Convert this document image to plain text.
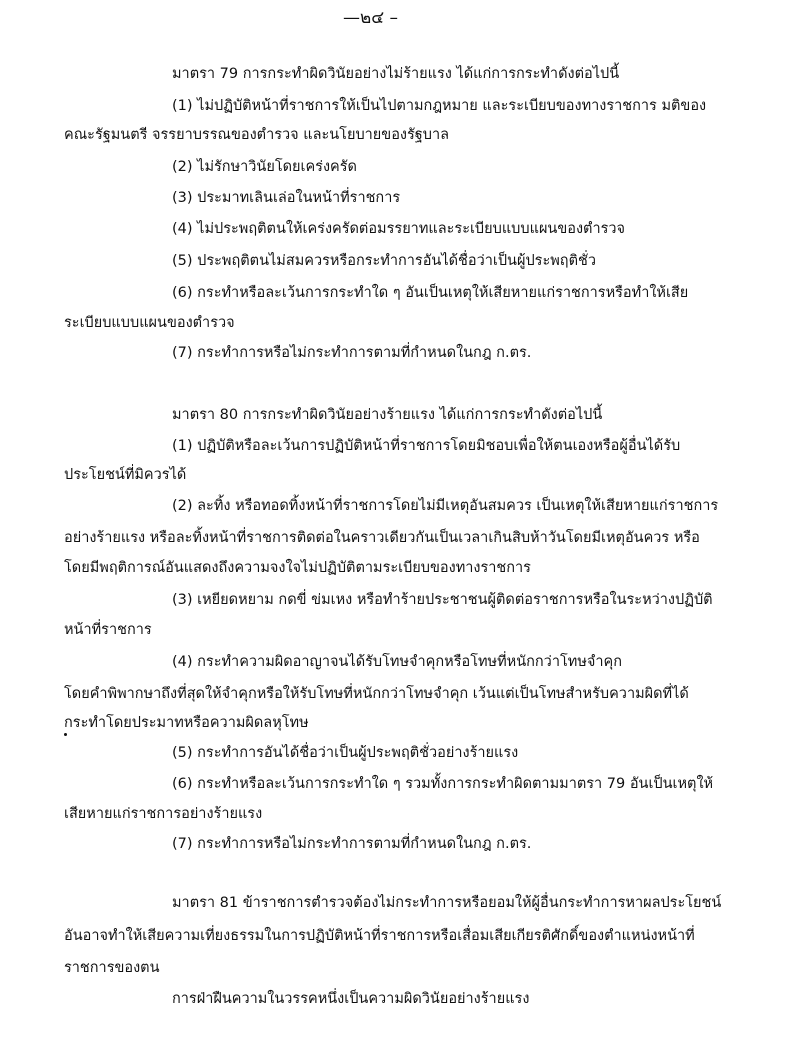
—๒๔ –
มาตรา 79 การกระทำผิดวินัยอย่างไม่ร้ายแรง ได้แก่การกระทำดังต่อไปนี้
(1) ไม่ปฏิบัติหน้าที่ราชการให้เป็นไปตามกฎหมาย และระเบียบของทางราชการ มติของ
คณะรัฐมนตรี จรรยาบรรณของตำรวจ และนโยบายของรัฐบาล
(2) ไม่รักษาวินัยโดยเคร่งครัด
(3) ประมาทเลินเล่อในหน้าที่ราชการ
(4) ไม่ประพฤติตนให้เคร่งครัดต่อมรรยาทและระเบียบแบบแผนของตำรวจ
(5) ประพฤติตนไม่สมควรหรือกระทำการอันได้ชื่อว่าเป็นผู้ประพฤติชั่ว
(6) กระทำหรือละเว้นการกระทำใด ๆ อันเป็นเหตุให้เสียหายแก่ราชการหรือทำให้เสีย
ระเบียบแบบแผนของตำรวจ
(7) กระทำการหรือไม่กระทำการตามที่กำหนดในกฎ ก.ตร.
มาตรา 80 การกระทำผิดวินัยอย่างร้ายแรง ได้แก่การกระทำดังต่อไปนี้
(1) ปฏิบัติหรือละเว้นการปฏิบัติหน้าที่ราชการโดยมิชอบเพื่อให้ตนเองหรือผู้อื่นได้รับ
ประโยชน์ที่มิควรได้
(2) ละทิ้ง หรือทอดทิ้งหน้าที่ราชการโดยไม่มีเหตุอันสมควร เป็นเหตุให้เสียหายแก่ราชการ
อย่างร้ายแรง หรือละทิ้งหน้าที่ราชการติดต่อในคราวเดียวกันเป็นเวลาเกินสิบห้าวันโดยมีเหตุอันควร หรือ
โดยมีพฤติการณ์อันแสดงถึงความจงใจไม่ปฏิบัติตามระเบียบของทางราชการ
(3) เหยียดหยาม กดขี่ ข่มเหง หรือทำร้ายประชาชนผู้ติดต่อราชการหรือในระหว่างปฏิบัติ
หน้าที่ราชการ
(4) กระทำความผิดอาญาจนได้รับโทษจำคุกหรือโทษที่หนักกว่าโทษจำคุก
โดยคำพิพากษาถึงที่สุดให้จำคุกหรือให้รับโทษที่หนักกว่าโทษจำคุก เว้นแต่เป็นโทษสำหรับความผิดที่ได้
กระทำโดยประมาทหรือความผิดลหุโทษ
(5) กระทำการอันได้ชื่อว่าเป็นผู้ประพฤติชั่วอย่างร้ายแรง
(6) กระทำหรือละเว้นการกระทำใด ๆ รวมทั้งการกระทำผิดตามมาตรา 79 อันเป็นเหตุให้
เสียหายแก่ราชการอย่างร้ายแรง
(7) กระทำการหรือไม่กระทำการตามที่กำหนดในกฎ ก.ตร.
มาตรา 81 ข้าราชการตำรวจต้องไม่กระทำการหรือยอมให้ผู้อื่นกระทำการหาผลประโยชน์
อันอาจทำให้เสียความเที่ยงธรรมในการปฏิบัติหน้าที่ราชการหรือเสื่อมเสียเกียรติศักดิ์ของตำแหน่งหน้าที่
ราชการของตน
การฝ่าฝืนความในวรรคหนึ่งเป็นความผิดวินัยอย่างร้ายแรง
